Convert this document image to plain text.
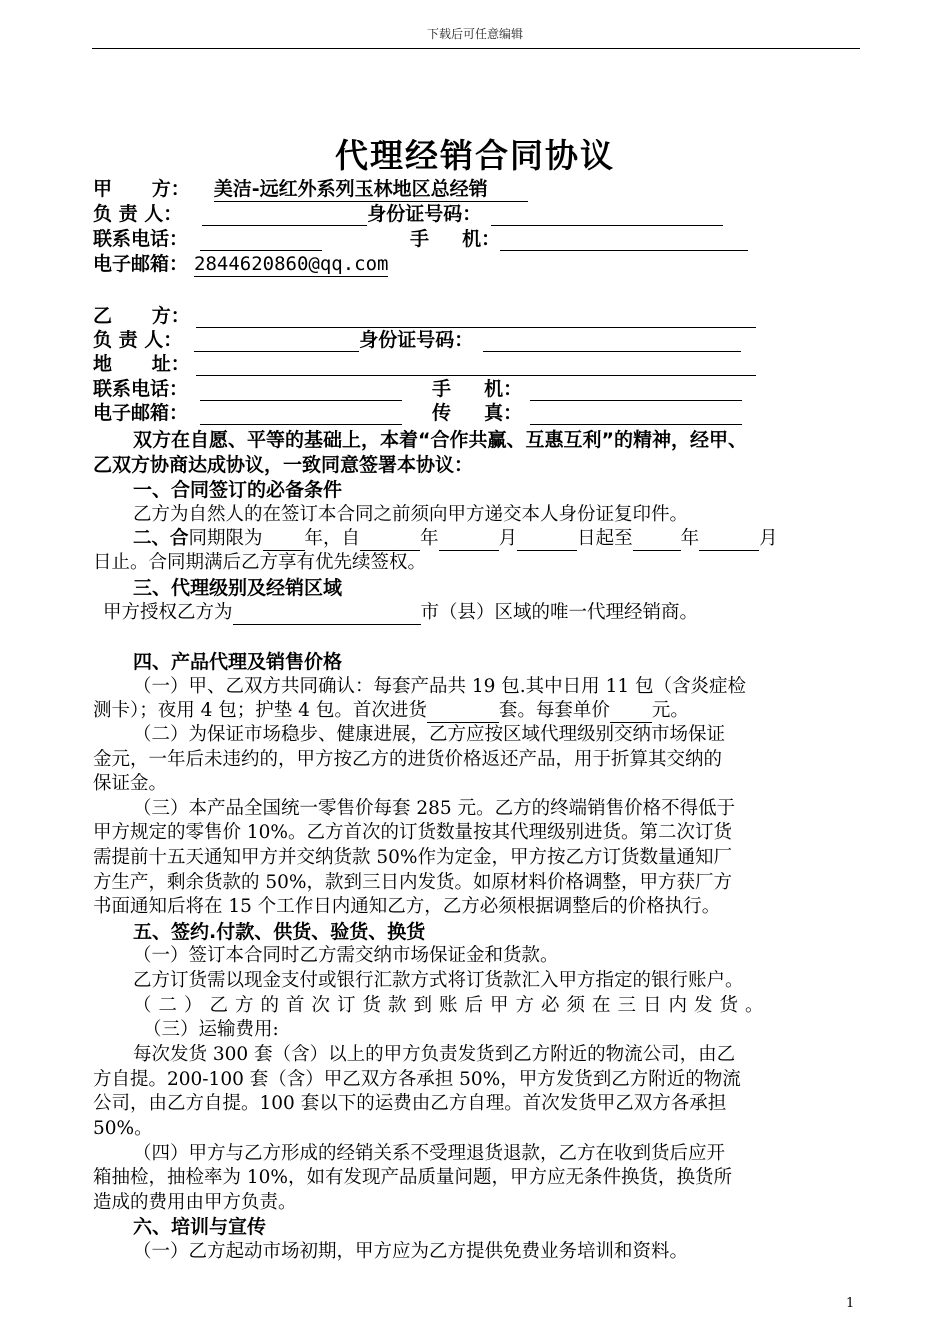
下载后可任意编辑
代理经销合同协议
甲      方： 美洁-远红外系列玉林地区总经销
负 责 人：	身份证号码：
联系电话：	手     机：
电子邮箱： 2844620860@qq.com
乙      方：
负 责 人：	身份证号码：
地      址：
联系电话：	手     机：
电子邮箱：	传     真：
双方在自愿、平等的基础上，本着“合作共赢、互惠互利”的精神，经甲、
乙双方协商达成协议，一致同意签署本协议：
一、合同签订的必备条件
乙方为自然人的在签订本合同之前须向甲方递交本人身份证复印件。
二、合同期限为 年，自	年	月	日起至	年	月
日止。合同期满后乙方享有优先续签权。
三、代理级别及经销区域
甲方授权乙方为	市（县）区域的唯一代理经销商。
四、产品代理及销售价格
（一）甲、乙双方共同确认：每套产品共 19 包.其中日用 11 包（含炎症检
测卡）；夜用 4 包；护垫 4 包。首次进货	套。每套单价 元。
（二）为保证市场稳步、健康进展，乙方应按区域代理级别交纳市场保证
金元，一年后未违约的，甲方按乙方的进货价格返还产品，用于折算其交纳的
保证金。
（三）本产品全国统一零售价每套 285 元。乙方的终端销售价格不得低于
甲方规定的零售价 10%。乙方首次的订货数量按其代理级别进货。第二次订货
需提前十五天通知甲方并交纳货款 50%作为定金，甲方按乙方订货数量通知厂
方生产，剩余货款的 50%，款到三日内发货。如原材料价格调整，甲方获厂方
书面通知后将在 15 个工作日内通知乙方，乙方必须根据调整后的价格执行。
五、签约.付款、供货、验货、换货
（一）签订本合同时乙方需交纳市场保证金和货款。
乙方订货需以现金支付或银行汇款方式将订货款汇入甲方指定的银行账户。
（二）乙方的首次订货款到账后甲方必须在三日内发货。
（三）运输费用:
每次发货 300 套（含）以上的甲方负责发货到乙方附近的物流公司，由乙
方自提。200-100 套（含）甲乙双方各承担 50%，甲方发货到乙方附近的物流
公司，由乙方自提。100 套以下的运费由乙方自理。首次发货甲乙双方各承担
50%。
（四）甲方与乙方形成的经销关系不受理退货退款，乙方在收到货后应开
箱抽检，抽检率为 10%，如有发现产品质量问题，甲方应无条件换货，换货所
造成的费用由甲方负责。
六、培训与宣传
（一）乙方起动市场初期，甲方应为乙方提供免费业务培训和资料。
1
